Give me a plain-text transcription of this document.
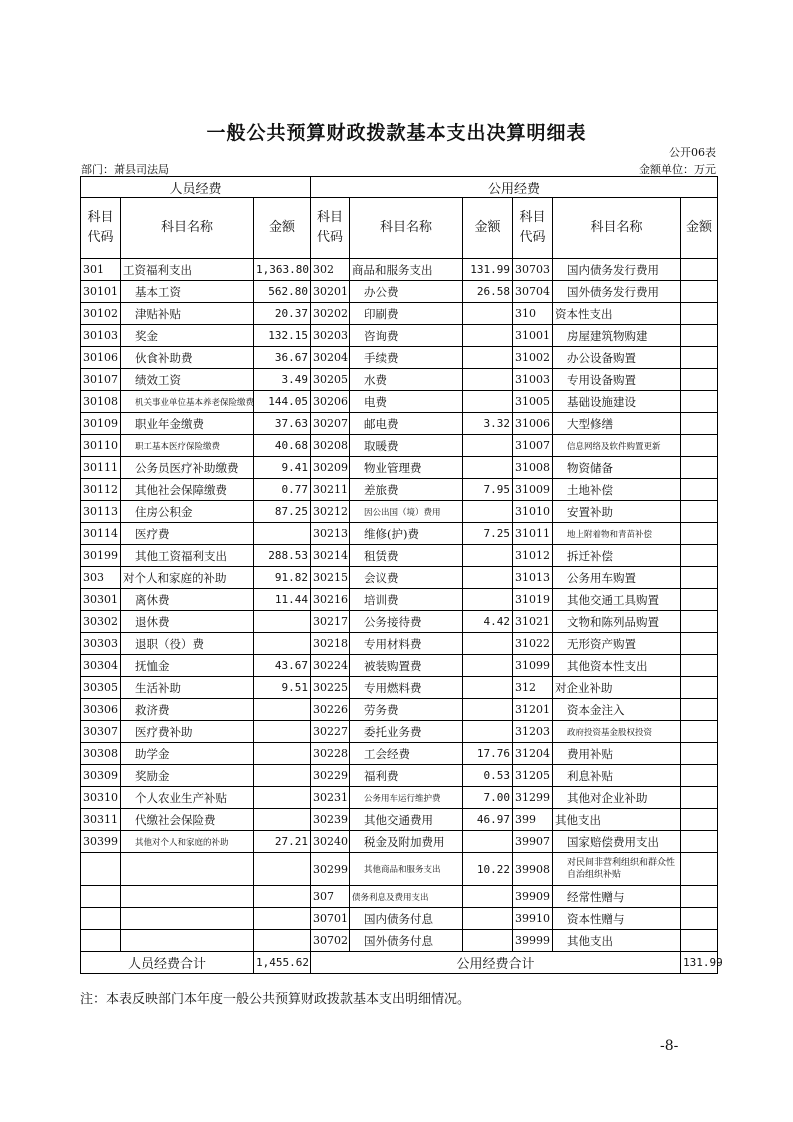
一般公共预算财政拨款基本支出决算明细表
公开06表
部门：萧县司法局	金额单位：万元
人员经费			公用经费					
科目代码	科目名称	金额	科目代码	科目名称	金额	科目代码	科目名称	金额
301	工资福利支出	1,363.80	302	商品和服务支出	131.99	30703	国内债务发行费用	
30101	基本工资	562.80	30201	办公费	26.58	30704	国外债务发行费用	
30102	津贴补贴	20.37	30202	印刷费		310	资本性支出	
30103	奖金	132.15	30203	咨询费		31001	房屋建筑物购建	
30106	伙食补助费	36.67	30204	手续费		31002	办公设备购置	
30107	绩效工资	3.49	30205	水费		31003	专用设备购置	
30108	机关事业单位基本养老保险缴费	144.05	30206	电费		31005	基础设施建设	
30109	职业年金缴费	37.63	30207	邮电费	3.32	31006	大型修缮	
30110	职工基本医疗保险缴费	40.68	30208	取暖费		31007	信息网络及软件购置更新	
30111	公务员医疗补助缴费	9.41	30209	物业管理费		31008	物资储备	
30112	其他社会保障缴费	0.77	30211	差旅费	7.95	31009	土地补偿	
30113	住房公积金	87.25	30212	因公出国（境）费用		31010	安置补助	
30114	医疗费		30213	维修(护)费	7.25	31011	地上附着物和青苗补偿	
30199	其他工资福利支出	288.53	30214	租赁费		31012	拆迁补偿	
303	对个人和家庭的补助	91.82	30215	会议费		31013	公务用车购置	
30301	离休费	11.44	30216	培训费		31019	其他交通工具购置	
30302	退休费		30217	公务接待费	4.42	31021	文物和陈列品购置	
30303	退职（役）费		30218	专用材料费		31022	无形资产购置	
30304	抚恤金	43.67	30224	被装购置费		31099	其他资本性支出	
30305	生活补助	9.51	30225	专用燃料费		312	对企业补助	
30306	救济费		30226	劳务费		31201	资本金注入	
30307	医疗费补助		30227	委托业务费		31203	政府投资基金股权投资	
30308	助学金		30228	工会经费	17.76	31204	费用补贴	
30309	奖励金		30229	福利费	0.53	31205	利息补贴	
30310	个人农业生产补贴		30231	公务用车运行维护费	7.00	31299	其他对企业补助	
30311	代缴社会保险费		30239	其他交通费用	46.97	399	其他支出	
30399	其他对个人和家庭的补助	27.21	30240	税金及附加费用		39907	国家赔偿费用支出	
			30299	其他商品和服务支出	10.22	39908	对民间非营利组织和群众性自治组织补贴	
			307	债务利息及费用支出		39909	经常性赠与	
			30701	国内债务付息		39910	资本性赠与	
			30702	国外债务付息		39999	其他支出	
人员经费合计		1,455.62	公用经费合计					131.99
注：本表反映部门本年度一般公共预算财政拨款基本支出明细情况。
-8-
